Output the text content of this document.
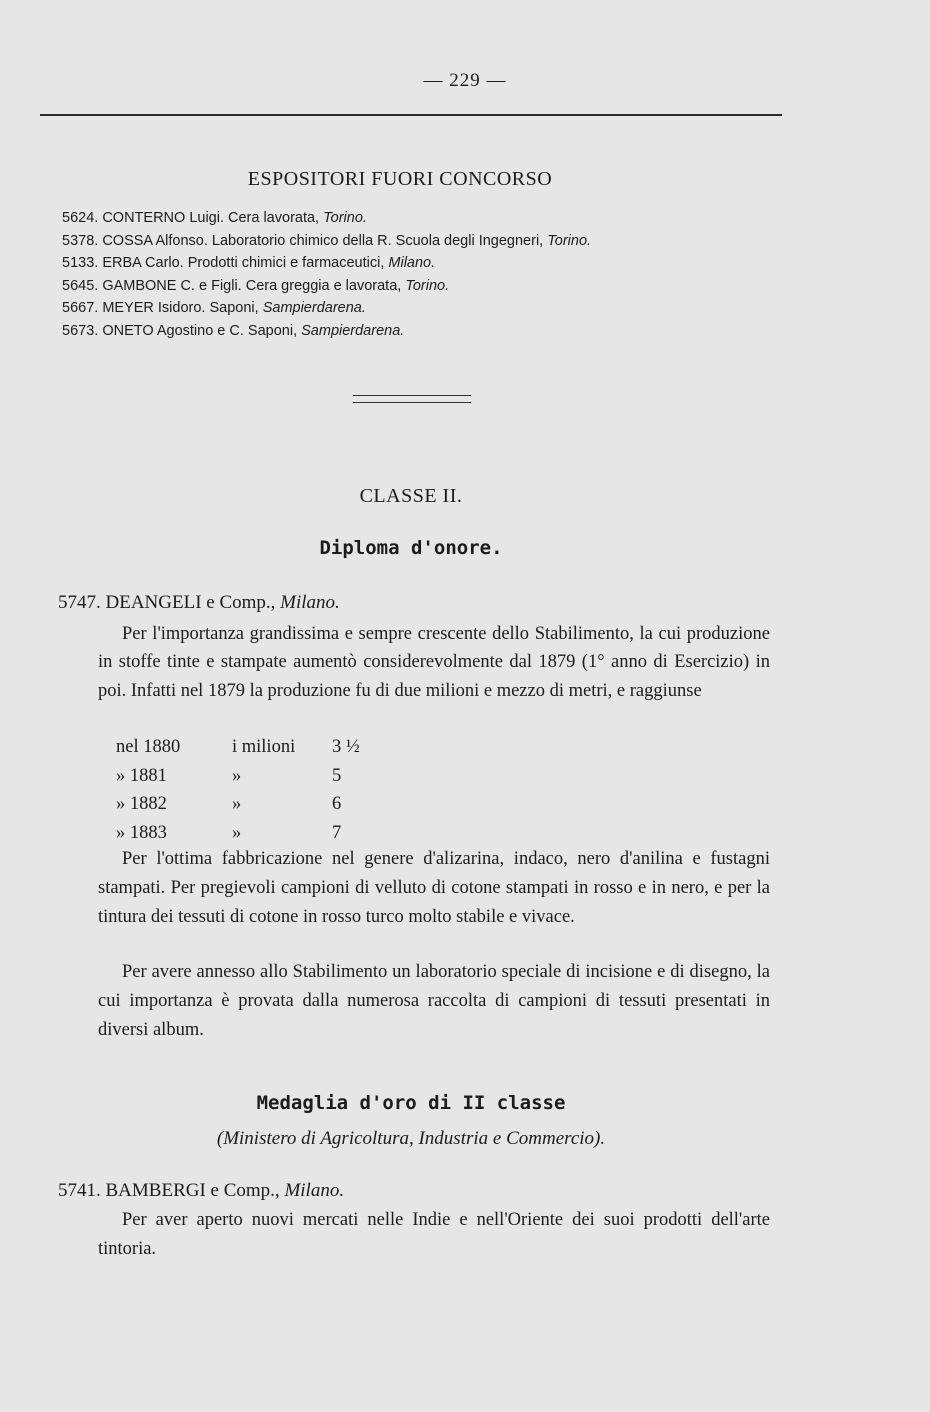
— 229 —
ESPOSITORI FUORI CONCORSO
5624. CONTERNO Luigi. Cera lavorata, Torino.
5378. COSSA Alfonso. Laboratorio chimico della R. Scuola degli Ingegneri, Torino.
5133. ERBA Carlo. Prodotti chimici e farmaceutici, Milano.
5645. GAMBONE C. e Figli. Cera greggia e lavorata, Torino.
5667. MEYER Isidoro. Saponi, Sampierdarena.
5673. ONETO Agostino e C. Saponi, Sampierdarena.
CLASSE II.
Diploma d'onore.
5747. DEANGELI e Comp., Milano.
Per l'importanza grandissima e sempre crescente dello Stabilimento, la cui produzione in stoffe tinte e stampate aumentò considerevolmente dal 1879 (1° anno di Esercizio) in poi. Infatti nel 1879 la produzione fu di due milioni e mezzo di metri, e raggiunse
nel 1880	i milioni 3 ½
» 1881	»	5
» 1882	»	6
» 1883	»	7
Per l'ottima fabbricazione nel genere d'alizarina, indaco, nero d'anilina e fustagni stampati. Per pregievoli campioni di velluto di cotone stampati in rosso e in nero, e per la tintura dei tessuti di cotone in rosso turco molto stabile e vivace.
Per avere annesso allo Stabilimento un laboratorio speciale di incisione e di disegno, la cui importanza è provata dalla numerosa raccolta di campioni di tessuti presentati in diversi album.
Medaglia d'oro di II classe
(Ministero di Agricoltura, Industria e Commercio).
5741. BAMBERGI e Comp., Milano.
Per aver aperto nuovi mercati nelle Indie e nell'Oriente dei suoi prodotti dell'arte tintoria.
